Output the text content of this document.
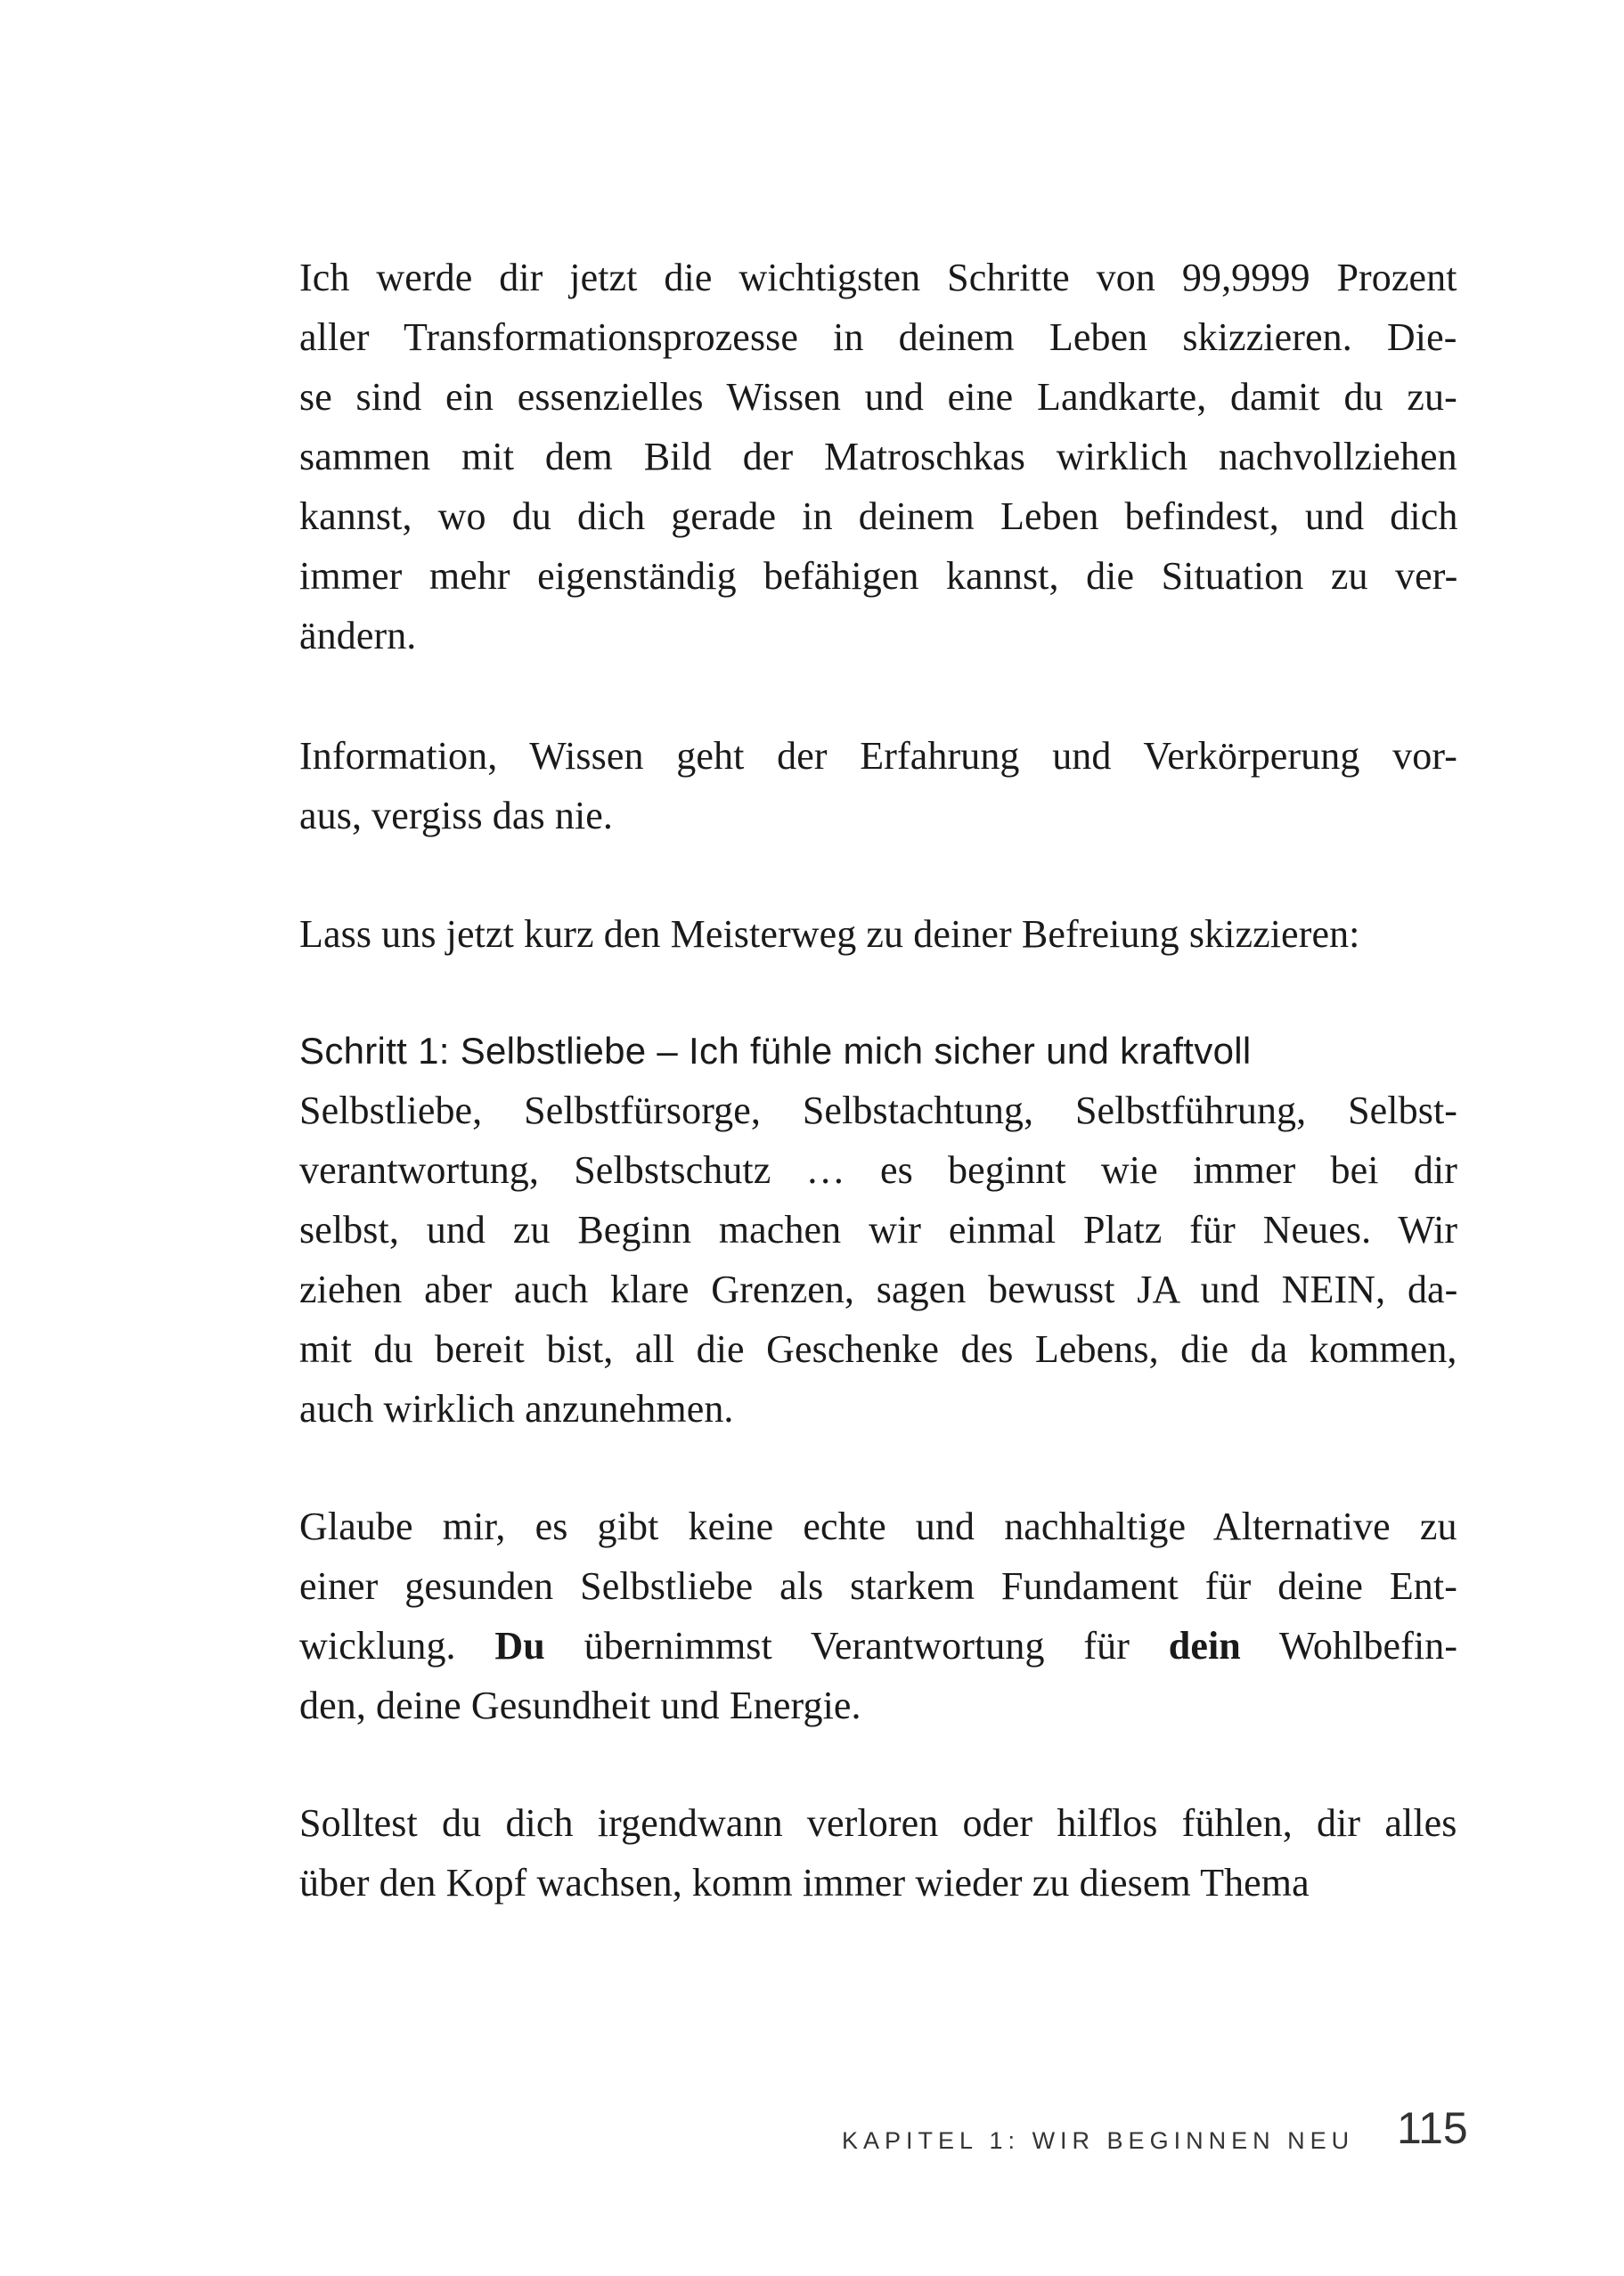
Ich werde dir jetzt die wichtigsten Schritte von 99,9999 Prozent
aller Transformationsprozesse in deinem Leben skizzieren. Die-
se sind ein essenzielles Wissen und eine Landkarte, damit du zu-
sammen mit dem Bild der Matroschkas wirklich nachvollziehen
kannst, wo du dich gerade in deinem Leben befindest, und dich
immer mehr eigenständig befähigen kannst, die Situation zu ver-
ändern.
Information, Wissen geht der Erfahrung und Verkörperung vor-
aus, vergiss das nie.
Lass uns jetzt kurz den Meisterweg zu deiner Befreiung skizzieren:
Schritt 1: Selbstliebe – Ich fühle mich sicher und kraftvoll
Selbstliebe, Selbstfürsorge, Selbstachtung, Selbstführung, Selbst-
verantwortung, Selbstschutz … es beginnt wie immer bei dir
selbst, und zu Beginn machen wir einmal Platz für Neues. Wir
ziehen aber auch klare Grenzen, sagen bewusst JA und NEIN, da-
mit du bereit bist, all die Geschenke des Lebens, die da kommen,
auch wirklich anzunehmen.
Glaube mir, es gibt keine echte und nachhaltige Alternative zu
einer gesunden Selbstliebe als starkem Fundament für deine Ent-
wicklung. Du übernimmst Verantwortung für dein Wohlbefin-
den, deine Gesundheit und Energie.
Solltest du dich irgendwann verloren oder hilflos fühlen, dir alles
über den Kopf wachsen, komm immer wieder zu diesem Thema
KAPITEL 1: WIR BEGINNEN NEU 115
